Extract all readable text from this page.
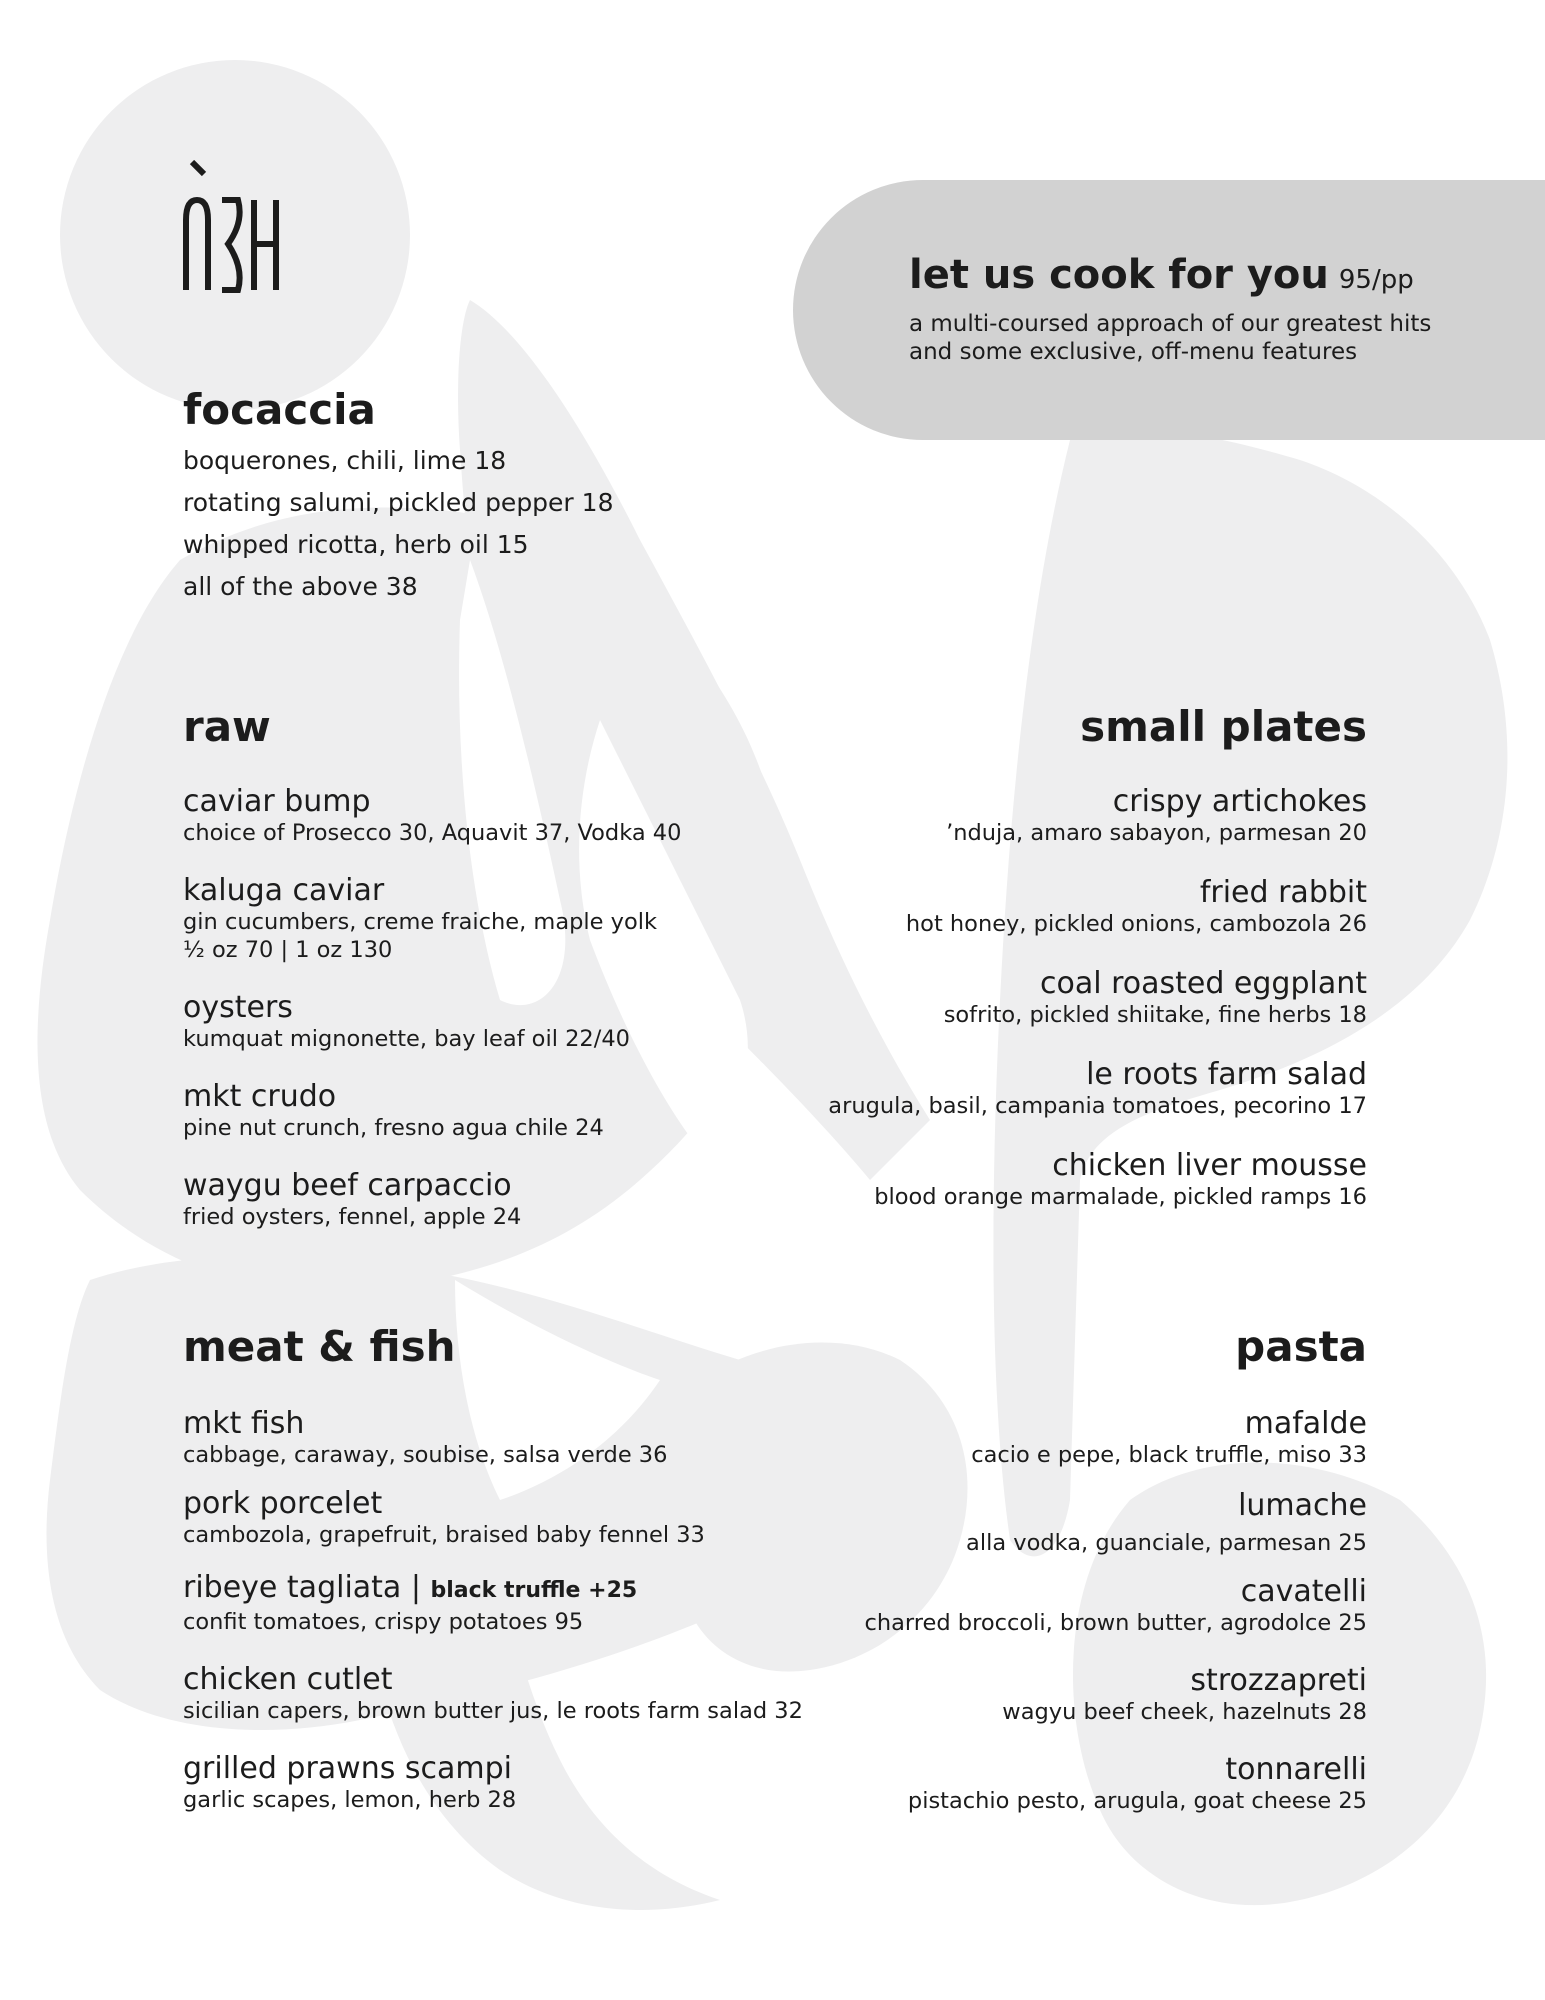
let us cook for you 95/pp
a multi-coursed approach of our greatest hits and some exclusive, off-menu features
focaccia
boquerones, chili, lime 18
rotating salumi, pickled pepper 18
whipped ricotta, herb oil 15
all of the above 38
raw
caviar bump
choice of Prosecco 30, Aquavit 37, Vodka 40
kaluga caviar
gin cucumbers, creme fraiche, maple yolk
½ oz 70 | 1 oz 130
oysters
kumquat mignonette, bay leaf oil 22/40
mkt crudo
pine nut crunch, fresno agua chile 24
waygu beef carpaccio
fried oysters, fennel, apple 24
small plates
crispy artichokes
’nduja, amaro sabayon, parmesan 20
fried rabbit
hot honey, pickled onions, cambozola 26
coal roasted eggplant
sofrito, pickled shiitake, fine herbs 18
le roots farm salad
arugula, basil, campania tomatoes, pecorino 17
chicken liver mousse
blood orange marmalade, pickled ramps 16
meat & fish
mkt fish
cabbage, caraway, soubise, salsa verde 36
pork porcelet
cambozola, grapefruit, braised baby fennel 33
ribeye tagliata | black truffle +25
confit tomatoes, crispy potatoes 95
chicken cutlet
sicilian capers, brown butter jus, le roots farm salad 32
grilled prawns scampi
garlic scapes, lemon, herb 28
pasta
mafalde
cacio e pepe, black truffle, miso 33
lumache
alla vodka, guanciale, parmesan 25
cavatelli
charred broccoli, brown butter, agrodolce 25
strozzapreti
wagyu beef cheek, hazelnuts 28
tonnarelli
pistachio pesto, arugula, goat cheese 25
